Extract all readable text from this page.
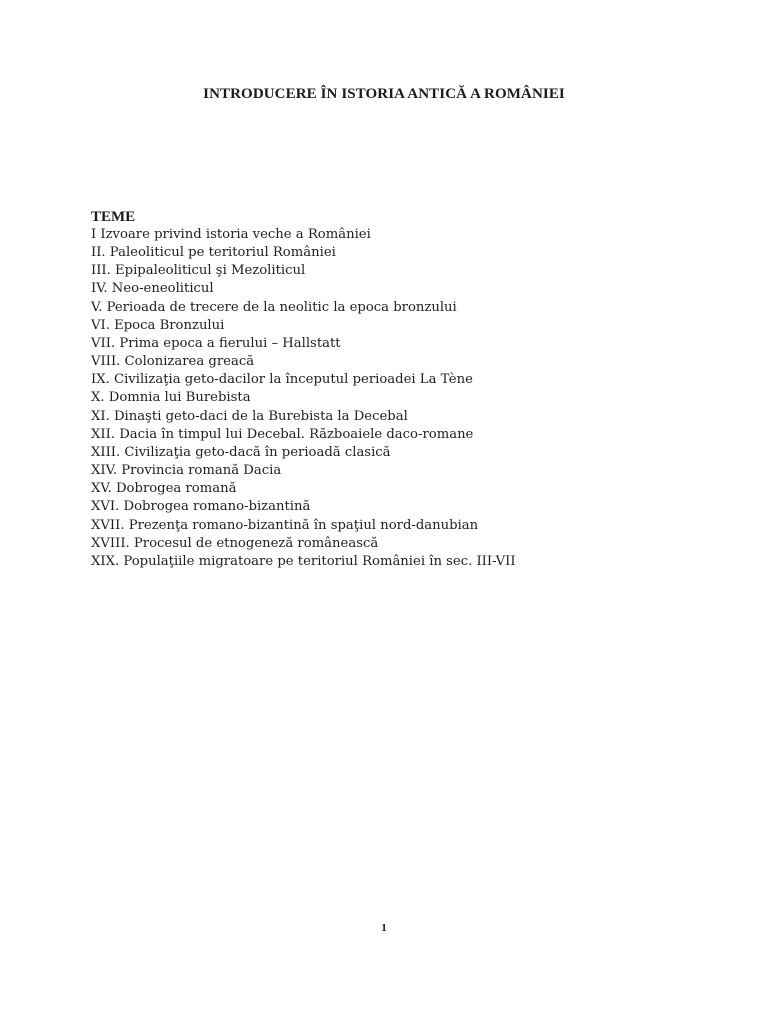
INTRODUCERE ÎN ISTORIA ANTICĂ A ROMÂNIEI

TEME

I Izvoare privind istoria veche a României
II. Paleoliticul pe teritoriul României
III. Epipaleoliticul şi Mezoliticul
IV. Neo-eneoliticul
V. Perioada de trecere de la neolitic la epoca bronzului
VI. Epoca Bronzului
VII. Prima epoca a fierului – Hallstatt
VIII. Colonizarea greacă
IX. Civilizaţia geto-dacilor la începutul perioadei La Tène
X. Domnia lui Burebista
XI. Dinaşti geto-daci de la Burebista la Decebal
XII. Dacia în timpul lui Decebal. Războaiele daco-romane
XIII. Civilizaţia geto-dacă în perioadă clasică
XIV. Provincia romană Dacia
XV. Dobrogea romană
XVI. Dobrogea romano-bizantină
XVII. Prezenţa romano-bizantină în spaţiul nord-danubian
XVIII. Procesul de etnogeneză românească
XIX. Populaţiile migratoare pe teritoriul României în sec. III-VII
1
